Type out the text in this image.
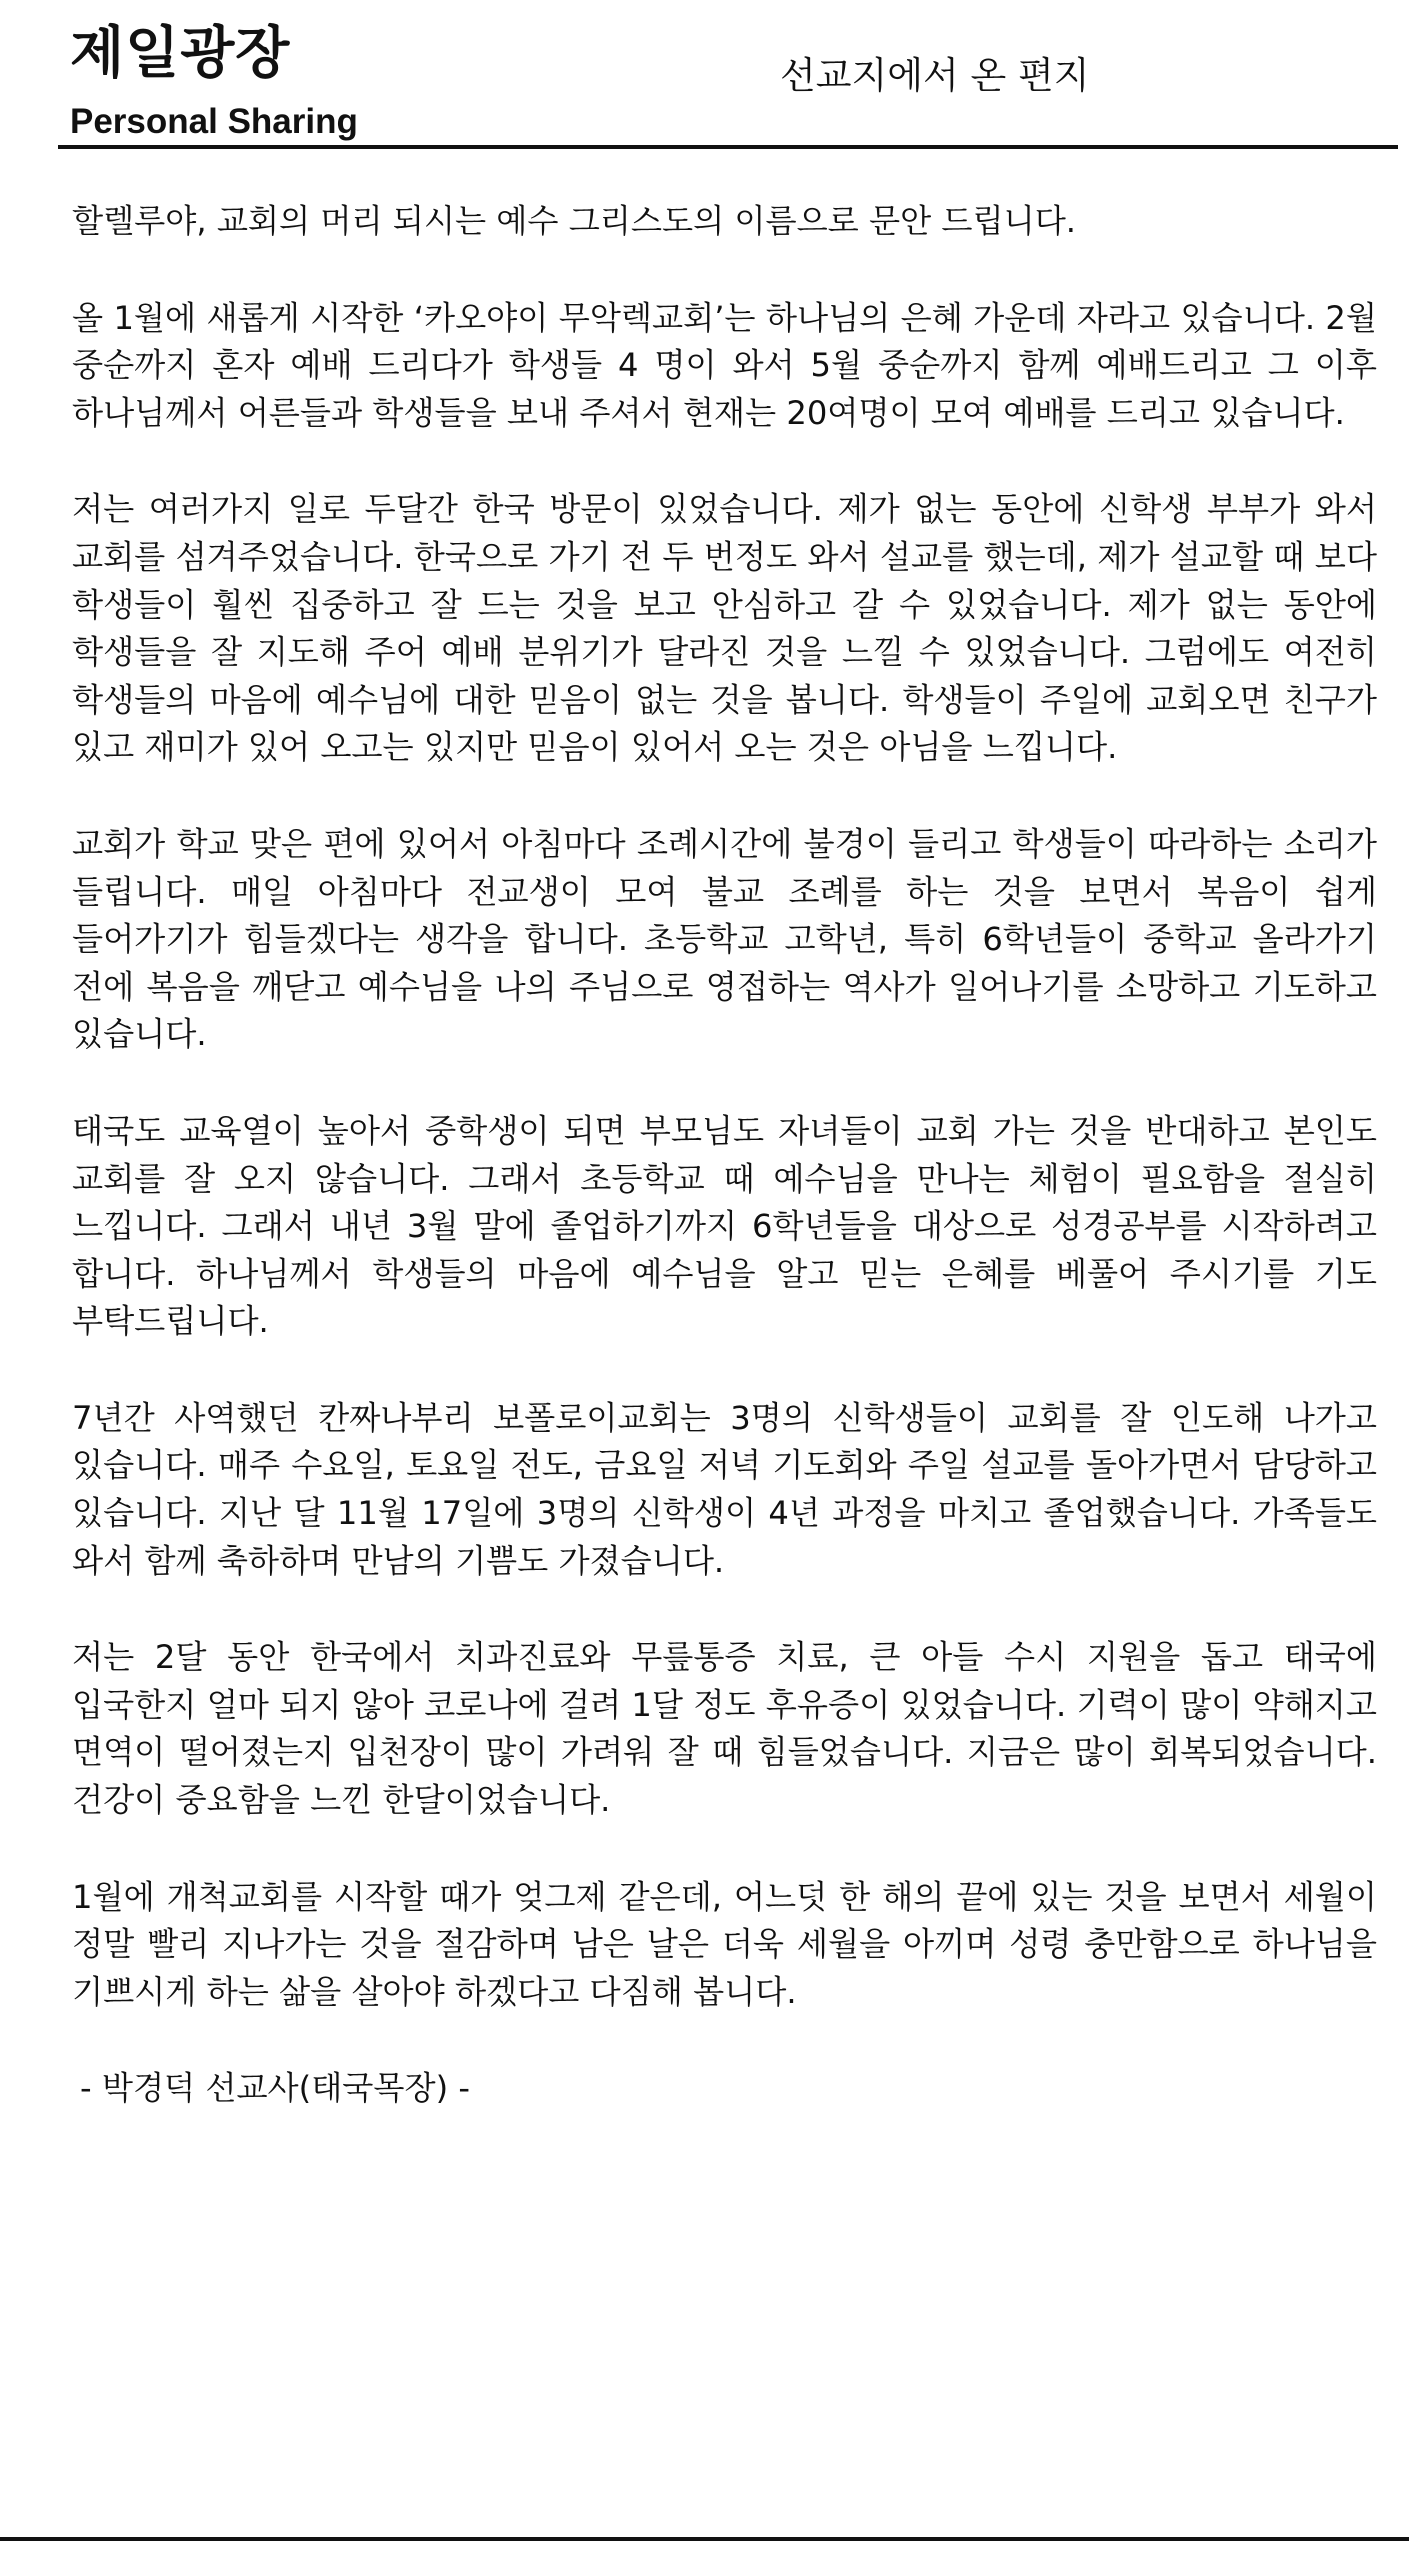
제일광장
Personal Sharing
선교지에서 온 편지

할렐루야, 교회의 머리 되시는 예수 그리스도의 이름으로 문안 드립니다.

올 1월에 새롭게 시작한 ‘카오야이 무악렉교회’는 하나님의 은혜 가운데 자라고 있습니다. 2월 중순까지 혼자 예배 드리다가 학생들 4 명이 와서 5월 중순까지 함께 예배드리고 그 이후 하나님께서 어른들과 학생들을 보내 주셔서 현재는 20여명이 모여 예배를 드리고 있습니다.

저는 여러가지 일로 두달간 한국 방문이 있었습니다. 제가 없는 동안에 신학생 부부가 와서 교회를 섬겨주었습니다. 한국으로 가기 전 두 번정도 와서 설교를 했는데, 제가 설교할 때 보다 학생들이 훨씬 집중하고 잘 드는 것을 보고 안심하고 갈 수 있었습니다. 제가 없는 동안에 학생들을 잘 지도해 주어 예배 분위기가 달라진 것을 느낄 수 있었습니다. 그럼에도 여전히 학생들의 마음에 예수님에 대한 믿음이 없는 것을 봅니다. 학생들이 주일에 교회오면 친구가 있고 재미가 있어 오고는 있지만 믿음이 있어서 오는 것은 아님을 느낍니다.

교회가 학교 맞은 편에 있어서 아침마다 조례시간에 불경이 들리고 학생들이 따라하는 소리가 들립니다. 매일 아침마다 전교생이 모여 불교 조례를 하는 것을 보면서 복음이 쉽게 들어가기가 힘들겠다는 생각을 합니다. 초등학교 고학년, 특히 6학년들이 중학교 올라가기 전에 복음을 깨닫고 예수님을 나의 주님으로 영접하는 역사가 일어나기를 소망하고 기도하고 있습니다.

태국도 교육열이 높아서 중학생이 되면 부모님도 자녀들이 교회 가는 것을 반대하고 본인도 교회를 잘 오지 않습니다. 그래서 초등학교 때 예수님을 만나는 체험이 필요함을 절실히 느낍니다. 그래서 내년 3월 말에 졸업하기까지 6학년들을 대상으로 성경공부를 시작하려고 합니다. 하나님께서 학생들의 마음에 예수님을 알고 믿는 은혜를 베풀어 주시기를 기도 부탁드립니다.

7년간 사역했던 칸짜나부리 보폴로이교회는 3명의 신학생들이 교회를 잘 인도해 나가고 있습니다. 매주 수요일, 토요일 전도, 금요일 저녁 기도회와 주일 설교를 돌아가면서 담당하고 있습니다. 지난 달 11월 17일에 3명의 신학생이 4년 과정을 마치고 졸업했습니다. 가족들도 와서 함께 축하하며 만남의 기쁨도 가졌습니다.

저는 2달 동안 한국에서 치과진료와 무릎통증 치료, 큰 아들 수시 지원을 돕고 태국에 입국한지 얼마 되지 않아 코로나에 걸려 1달 정도 후유증이 있었습니다. 기력이 많이 약해지고 면역이 떨어졌는지 입천장이 많이 가려워 잘 때 힘들었습니다. 지금은 많이 회복되었습니다. 건강이 중요함을 느낀 한달이었습니다.

1월에 개척교회를 시작할 때가 엊그제 같은데, 어느덧 한 해의 끝에 있는 것을 보면서 세월이 정말 빨리 지나가는 것을 절감하며 남은 날은 더욱 세월을 아끼며 성령 충만함으로 하나님을 기쁘시게 하는 삶을 살아야 하겠다고 다짐해 봅니다.

- 박경덕 선교사(태국목장) -
